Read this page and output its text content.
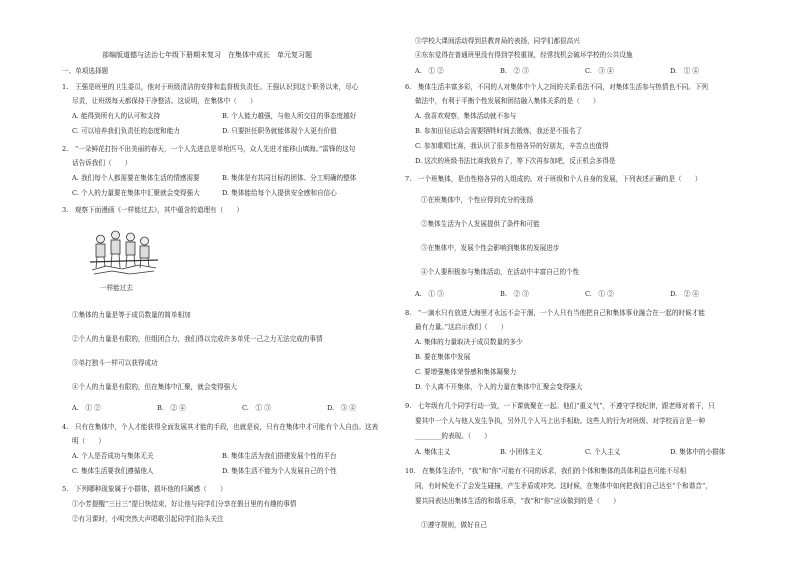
部编版道德与法治七年级下册期末复习　在集体中成长　单元复习题
一、单项选择题
1.　王强是班里的卫生委员，他对于班级清洁的安排和监督极负责任。王强认识到这个职务以来，尽心
尽责，让班级每天都保持干净整洁。这说明，在集体中（　　）
A. 能得到所有人的认可和支持	B. 个人能力越强，与他人所交往的事态度越好
C. 可以培养我们负责任的态度和能力	D. 只要担任职务就能体现个人更有价值
2.　“一朵鲜花打扮不出美丽的春天，一个人先进总是单枪匹马，众人先进才能移山填海。”雷锋的这句
话告诉我们（　　）
A. 我们每个人都需要在集体生活的情感需要	B. 集体是有共同目标的团体、分工明确的整体
C. 个人的力量要在集体中汇聚就会变得强大	D. 集体能给每个人提供安全感和自信心
3.　观察下面漫画《一样能过去》，其中蕴含的道理有（　　）
一样能过去
①集体的力量是等于成员数量的简单相加
②个人的力量是有限的，但组团合力，我们得以完成许多单凭一己之力无法完成的事情
③单打独斗一样可以获得成功
④个人的力量是有限的，但在集体中汇聚，就会变得强大
A.　① ②	B.　② ④	C.　① ③	D.　③ ④
4.　只有在集体中，个人才能获得全面发展其才能的手段，也就是说，只有在集体中才可能有个人自由。这表
明（　　）
A. 个人是否成功与集体无关	B. 集体生活为我们搭建发展个性的平台
C. 集体生活要我们遵循他人	D. 集体生活不能为个人发展自己的个性
5.　下列哪种现象属于小群体，损坏他的归属感（　　）
①小芳提醒“三日三”提日快结束，好让他与同学们分享在假日里的有趣的事情
②有习课时，小明突然大声唱歌引起同学们抬头关注
③学校大课间活动得到县教育局的表扬，同学们都很高兴
④东东觉得在普通班里没有得到学校重视，经常找机会破坏学校的公共设施
A.　① ②	B.　② ③	C.　③ ④	D.　① ④
6.　集体生活丰富多彩，不同的人对集体中个人之间的关系看法不同，对集体生活参与热情也不同。下列
做法中，有利于平衡个性发展和团结融入集体关系的是（　　）
A. 我喜欢观察，集体活动就不参与
B. 参加田径运动会需要牺牲时间去锻炼，我还是不报名了
C. 参加歌唱比赛，我认识了很多性格各异的好朋友，辛苦点也值得
D. 这次的班级书法比赛我放弃了，等下次再参加吧，反正机会多得是
7.　一个班集体，是由性格各异的人组成的。对于班级和个人自身的发展，下列表述正确的是（　　）
①在班集体中，个性应得到充分的张扬
②集体生活为个人发展提供了条件和可能
③在集体中，发展个性会影响到集体的发展进步
④个人要积极参与集体活动，在活动中丰富自己的个性
A.　① ③	B.　② ③	C.　① ②	D.　② ④
8.　“一滴水只有放进大海里才永远不会干涸，一个人只有当他把自己和集体事业融合在一起的时候才能
最有力量。”这启示我们（　　）
A. 集体的力量取决于成员数量的多少
B. 要在集体中发展
C. 要增强集体荣誉感和集体凝聚力
D. 个人离不开集体，个人的力量在集体中汇聚会变得强大
9.　七年级有几个同学行动一致，一下课就聚在一起。他们“重义气”，不遵守学校纪律，跟老师对着干，只
要其中一个人与他人发生争执，另外几个人马上出手相助。这些人的行为对班级、对学校而言是一种
________的表现。（　　）
A. 集体主义	B. 小团体主义	C. 个人主义	D. 集体中的小群体
10.　在集体生活中，“我”和“你”可能有不同的诉求，我们的个体和集体的具体利益也可能不尽相
同，有时候免不了会发生碰撞，产生矛盾或冲突。这时候，在集体中如何把我们自己达至“个和谐音”，
要共同表达出集体生活的和谐乐章，“我”和“你”应该做到的是（　　）
①遵守规则，做好自己
